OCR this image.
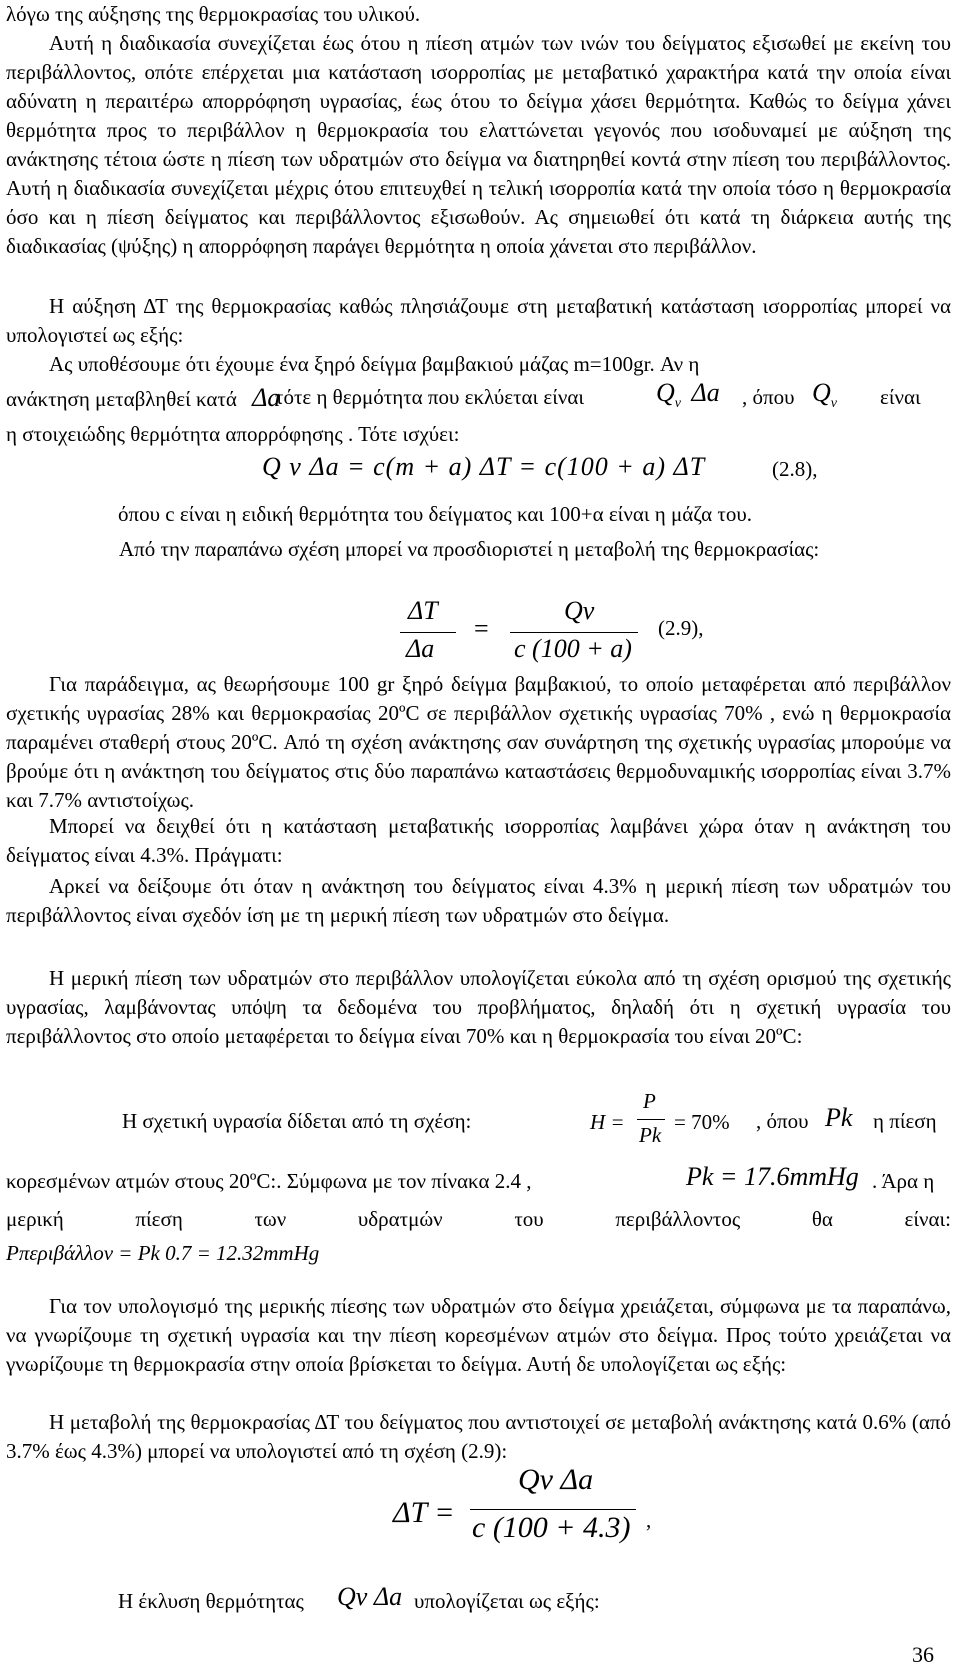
λόγω της αύξησης της θερμοκρασίας του υλικού.

Αυτή η διαδικασία συνεχίζεται έως ότου η πίεση ατμών των ινών του δείγματος εξισωθεί με εκείνη του περιβάλλοντος, οπότε επέρχεται μια κατάσταση ισορροπίας με μεταβατικό χαρακτήρα κατά την οποία είναι αδύνατη η περαιτέρω απορρόφηση υγρασίας, έως ότου το δείγμα χάσει θερμότητα. Καθώς το δείγμα χάνει θερμότητα προς το περιβάλλον η θερμοκρασία του ελαττώνεται γεγονός που ισοδυναμεί με αύξηση της ανάκτησης τέτοια ώστε η πίεση των υδρατμών στο δείγμα να διατηρηθεί κοντά στην πίεση του περιβάλλοντος. Αυτή η διαδικασία συνεχίζεται μέχρις ότου επιτευχθεί η τελική ισορροπία κατά την οποία τόσο η θερμοκρασία όσο και η πίεση δείγματος και περιβάλλοντος εξισωθούν. Ας σημειωθεί ότι κατά τη διάρκεια αυτής της διαδικασίας (ψύξης) η απορρόφηση παράγει θερμότητα η οποία χάνεται στο περιβάλλον.

Η αύξηση ΔΤ της θερμοκρασίας καθώς πλησιάζουμε στη μεταβατική κατάσταση ισορροπίας μπορεί να υπολογιστεί ως εξής:

Ας υποθέσουμε ότι έχουμε ένα ξηρό δείγμα βαμβακιού μάζας m=100gr. Αν η

ανάκτηση μεταβληθεί κατά Δa
τότε η θερμότητα που εκλύεται είναι	$Q_v$ Δa , όπου $Q_v$ είναι

η στοιχειώδης θερμότητα απορρόφησης . Τότε ισχύει:

Q v Δa = c(m + a) ΔT = c(100 + a) ΔT	(2.8),

όπου c είναι η ειδική θερμότητα του δείγματος και 100+α είναι η μάζα του.

Από την παραπάνω σχέση μπορεί να προσδιοριστεί η μεταβολή της θερμοκρασίας:

ΔT
Δa
=
Qv
c (100 + a)
(2.9),

Για παράδειγμα, ας θεωρήσουμε 100 gr ξηρό δείγμα βαμβακιού, το οποίο μεταφέρεται από περιβάλλον σχετικής υγρασίας 28% και θερμοκρασίας 20ºC σε περιβάλλον σχετικής υγρασίας 70% , ενώ η θερμοκρασία παραμένει σταθερή στους 20ºC. Από τη σχέση ανάκτησης σαν συνάρτηση της σχετικής υγρασίας μπορούμε να βρούμε ότι η ανάκτηση του δείγματος στις δύο παραπάνω καταστάσεις θερμοδυναμικής ισορροπίας είναι 3.7% και 7.7% αντιστοίχως.

Μπορεί να δειχθεί ότι η κατάσταση μεταβατικής ισορροπίας λαμβάνει χώρα όταν η ανάκτηση του δείγματος είναι 4.3%. Πράγματι:

Αρκεί να δείξουμε ότι όταν η ανάκτηση του δείγματος είναι 4.3% η μερική πίεση των υδρατμών του περιβάλλοντος είναι σχεδόν ίση με τη μερική πίεση των υδρατμών στο δείγμα.

Η μερική πίεση των υδρατμών στο περιβάλλον υπολογίζεται εύκολα από τη σχέση ορισμού της σχετικής υγρασίας, λαμβάνοντας υπόψη τα δεδομένα του προβλήματος, δηλαδή ότι η σχετική υγρασία του περιβάλλοντος στο οποίο μεταφέρεται το δείγμα είναι 70% και η θερμοκρασία του είναι 20ºC:

Η σχετική υγρασία δίδεται από τη σχέση:	H =
P
Pk
= 70% , όπου Pk η πίεση
κορεσμένων ατμών στους 20ºC:. Σύμφωνα με τον πίνακα 2.4 ,	Pk = 17.6mmHg . Άρα η

μερική πίεση των υδρατμών του περιβάλλοντος θα είναι:

Pπεριβάλλον = Pk 0.7 = 12.32mmHg

Για τον υπολογισμό της μερικής πίεσης των υδρατμών στο δείγμα χρειάζεται, σύμφωνα με τα παραπάνω, να γνωρίζουμε τη σχετική υγρασία και την πίεση κορεσμένων ατμών στο δείγμα. Προς τούτο χρειάζεται να γνωρίζουμε τη θερμοκρασία στην οποία βρίσκεται το δείγμα. Αυτή δε υπολογίζεται ως εξής:

Η μεταβολή της θερμοκρασίας ΔΤ του δείγματος που αντιστοιχεί σε μεταβολή ανάκτησης κατά 0.6% (από 3.7% έως 4.3%) μπορεί να υπολογιστεί από τη σχέση (2.9):

ΔT =
Qv Δa
c (100 + 4.3) ,
Η έκλυση θερμότητας Qv Δa υπολογίζεται ως εξής:
36
